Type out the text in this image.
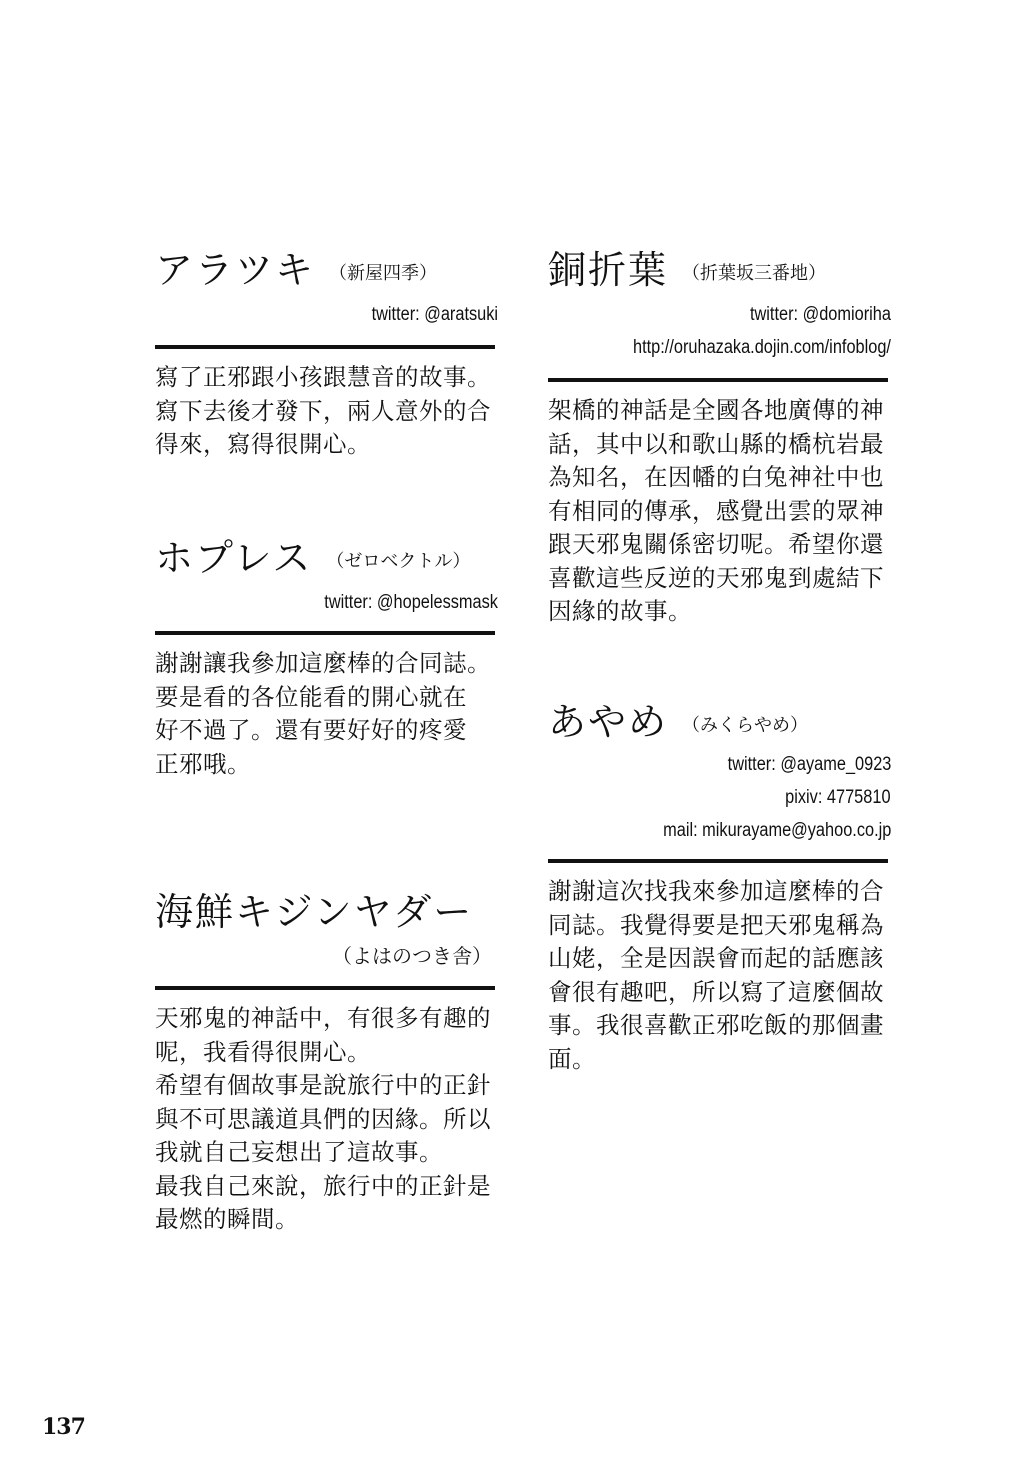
アラツキ （新屋四季）
twitter: @aratsuki
寫了正邪跟小孩跟慧音的故事。
寫下去後才發下，兩人意外的合
得來，寫得很開心。
ホプレス （ゼロベクトル）
twitter: @hopelessmask
謝謝讓我參加這麼棒的合同誌。
要是看的各位能看的開心就在
好不過了。還有要好好的疼愛
正邪哦。
海鮮キジンヤダー
（よはのつき舎）
天邪鬼的神話中，有很多有趣的
呢，我看得很開心。
希望有個故事是說旅行中的正針
與不可思議道具們的因緣。所以
我就自己妄想出了這故事。
最我自己來說，旅行中的正針是
最燃的瞬間。
銅折葉 （折葉坂三番地）
twitter: @domioriha
http://oruhazaka.dojin.com/infoblog/
架橋的神話是全國各地廣傳的神
話，其中以和歌山縣的橋杭岩最
為知名，在因幡的白兔神社中也
有相同的傳承，感覺出雲的眾神
跟天邪鬼關係密切呢。希望你還
喜歡這些反逆的天邪鬼到處結下
因緣的故事。
あやめ （みくらやめ）
twitter: @ayame_0923
pixiv: 4775810
mail: mikurayame@yahoo.co.jp
謝謝這次找我來參加這麼棒的合
同誌。我覺得要是把天邪鬼稱為
山姥，全是因誤會而起的話應該
會很有趣吧，所以寫了這麼個故
事。我很喜歡正邪吃飯的那個畫
面。
137
